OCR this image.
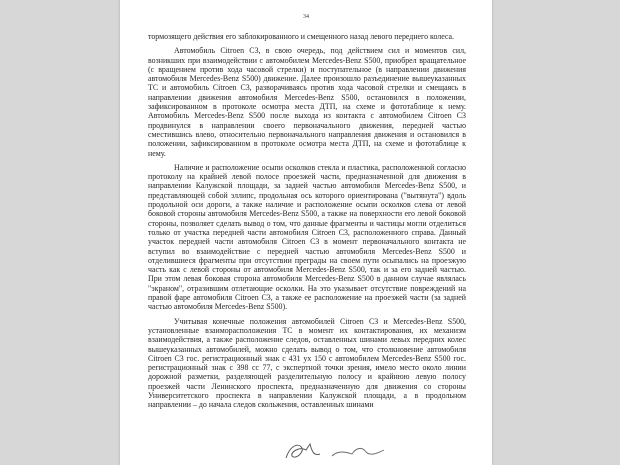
34

тормозящего действия его заблокированного и смещенного назад левого переднего колеса.

Автомобиль Citroen С3, в свою очередь, под действием сил и моментов сил, возникших при взаимодействии с автомобилем Mercedes-Benz S500, приобрел вращательное (с вращением против хода часовой стрелки) и поступательное (в направлении движения автомобиля Mercedes-Benz S500) движение. Далее произошло разъединение вышеуказанных ТС и автомобиль Citroen С3, разворачиваясь против хода часовой стрелки и смещаясь в направлении движения автомобиля Mercedes-Benz S500, остановился в положении, зафиксированном в протоколе осмотра места ДТП, на схеме и фототаблице к нему. Автомобиль Mercedes-Benz S500 после выхода из контакта с автомобилем Citroen С3 продвинулся в направлении своего первоначального движения, передней частью сместившись влево, относительно первоначального направления движения и остановился в положении, зафиксированном в протоколе осмотра места ДТП, на схеме и фототаблице к нему.

Наличие и расположение осыпи осколков стекла и пластика, расположенной согласно протоколу на крайней левой полосе проезжей части, предназначенной для движения в направлении Калужской площади, за задней частью автомобиля Mercedes-Benz S500, и представляющей собой эллипс, продольная ось которого ориентирована ("вытянута") вдоль продольной оси дороги, а также наличие и расположение осыпи осколков слева от левой боковой стороны автомобиля Mercedes-Benz S500, а также на поверхности его левой боковой стороны, позволяет сделать вывод о том, что данные фрагменты и частицы могли отделиться только от участка передней части автомобиля Citroen С3, расположенного справа. Данный участок передней части автомобиля Citroen С3 в момент первоначального контакта не вступил во взаимодействие с передней частью автомобиля Mercedes-Benz S500 и отделившиеся фрагменты при отсутствии преграды на своем пути осыпались на проезжую часть как с левой стороны от автомобиля Mercedes-Benz S500, так и за его задней частью. При этом левая боковая сторона автомобиля Mercedes-Benz S500 в данном случае являлась "экраном", отразившим отлетающие осколки. На это указывает отсутствие повреждений на правой фаре автомобиля Citroen С3, а также ее расположение на проезжей части (за задней частью автомобиля Mercedes-Benz S500).

Учитывая конечные положения автомобилей Citroen С3 и Mercedes-Benz S500, установленные взаиморасположения ТС в момент их контактирования, их механизм взаимодействия, а также расположение следов, оставленных шинами левых передних колес вышеуказанных автомобилей, можно сделать вывод о том, что столкновение автомобиля Citroen С3 гос. регистрационный знак с 431 ух 150 с автомобилем Mercedes-Benz S500 гос. регистрационный знак с 398 сс 77, с экспертной точки зрения, имело место около линии дорожной разметки, разделяющей разделительную полосу и крайнюю левую полосу проезжей части Ленинского проспекта, предназначенную для движения со стороны Университетского проспекта в направлении Калужской площади, а в продольном направлении – до начала следов скольжения, оставленных шинами
